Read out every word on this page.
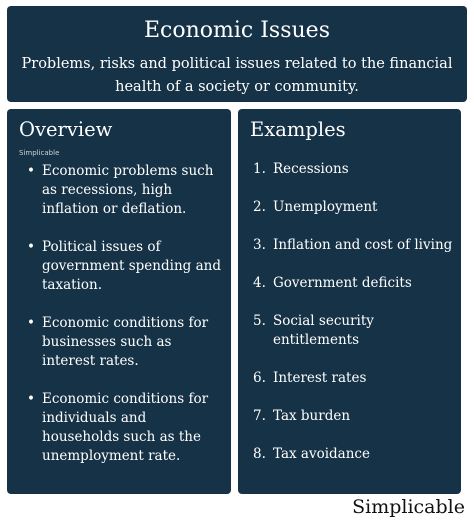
Economic Issues
Problems, risks and political issues related to the financial health of a society or community.
Overview
Simplicable
• Economic problems such as recessions, high inflation or deflation.
• Political issues of government spending and taxation.
• Economic conditions for businesses such as interest rates.
• Economic conditions for individuals and households such as the unemployment rate.
Examples
1. Recessions
2. Unemployment
3. Inflation and cost of living
4. Government deficits
5. Social security entitlements
6. Interest rates
7. Tax burden
8. Tax avoidance
Simplicable
